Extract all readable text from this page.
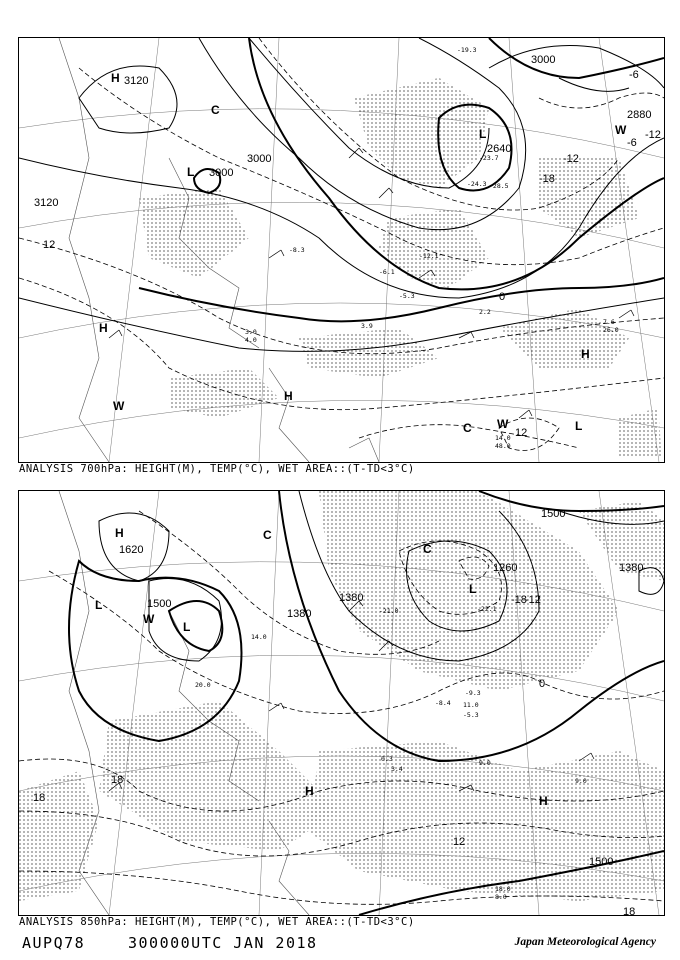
3120
3120
3000
3000
3000
2640
2880
12
-12
-18
-6
0
-6
-12
12
H
L
L
H
H
H
W
W
L
C
C
W
-24.3
-23.7
-28.5
-5.3
-6.1
2.2
3.9	7.6
26.0
14.0
48.0
-8.3
-19.3
-12.1
3.0
4.0
ANALYSIS 700hPa: HEIGHT(M), TEMP(°C), WET AREA::(T-TD<3°C)
1620
1500
1500
1260
1380
1380
1380
1500
-18
-12
0
12
18
18
18
H
L
L
L
C
H
H
W
C
-21.0	-22.1
-9.3
-8.4
-5.3
9.0
9.0
18.0
8.0
11.0
14.0
20.0
0.3
3.4
ANALYSIS 850hPa: HEIGHT(M), TEMP(°C), WET AREA::(T-TD<3°C)
AUPQ78	300000UTC JAN 2018	Japan Meteorological Agency
